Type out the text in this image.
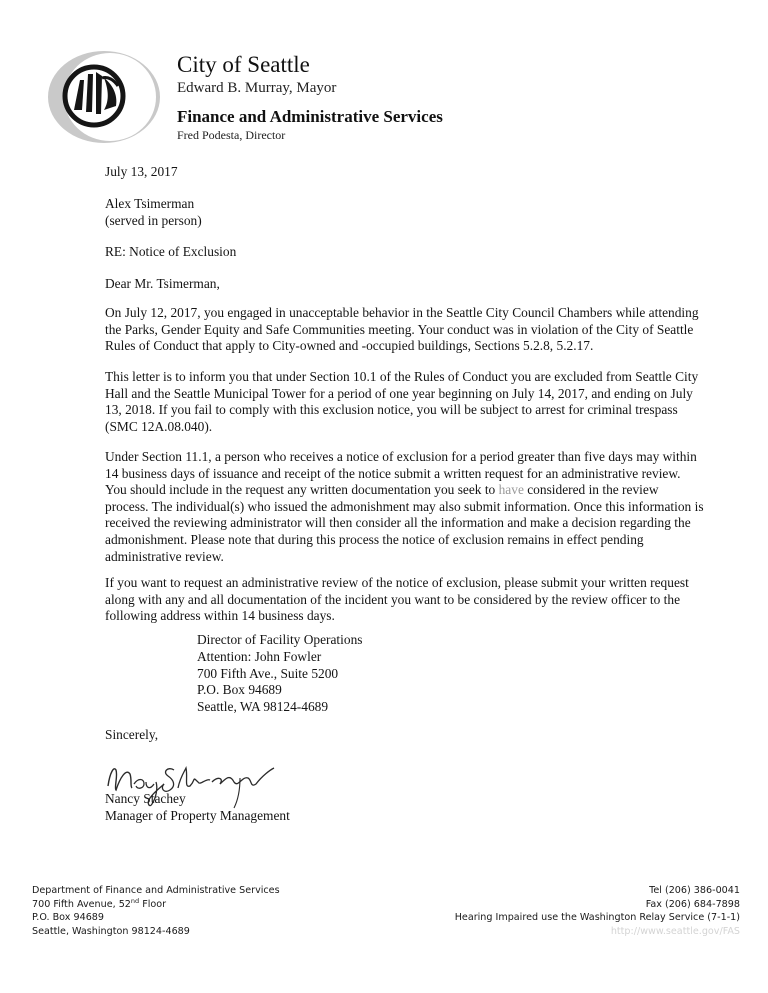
City of Seattle
Edward B. Murray, Mayor
Finance and Administrative Services
Fred Podesta, Director
July 13, 2017
Alex Tsimerman
(served in person)
RE: Notice of Exclusion
Dear Mr. Tsimerman,
On July 12, 2017, you engaged in unacceptable behavior in the Seattle City Council Chambers while attending the Parks, Gender Equity and Safe Communities meeting. Your conduct was in violation of the City of Seattle Rules of Conduct that apply to City-owned and -occupied buildings, Sections 5.2.8, 5.2.17.
This letter is to inform you that under Section 10.1 of the Rules of Conduct you are excluded from Seattle City Hall and the Seattle Municipal Tower for a period of one year beginning on July 14, 2017, and ending on July 13, 2018. If you fail to comply with this exclusion notice, you will be subject to arrest for criminal trespass (SMC 12A.08.040).
Under Section 11.1, a person who receives a notice of exclusion for a period greater than five days may within 14 business days of issuance and receipt of the notice submit a written request for an administrative review. You should include in the request any written documentation you seek to have considered in the review process. The individual(s) who issued the admonishment may also submit information. Once this information is received the reviewing administrator will then consider all the information and make a decision regarding the admonishment. Please note that during this process the notice of exclusion remains in effect pending administrative review.
If you want to request an administrative review of the notice of exclusion, please submit your written request along with any and all documentation of the incident you want to be considered by the review officer to the following address within 14 business days.
Director of Facility Operations
Attention: John Fowler
700 Fifth Ave., Suite 5200
P.O. Box 94689
Seattle, WA 98124-4689
Sincerely,
Nancy Stachey
Manager of Property Management
Department of Finance and Administrative Services
700 Fifth Avenue, 52nd Floor
P.O. Box 94689
Seattle, Washington 98124-4689
Tel (206) 386-0041
Fax (206) 684-7898
Hearing Impaired use the Washington Relay Service (7-1-1)
http://www.seattle.gov/FAS
